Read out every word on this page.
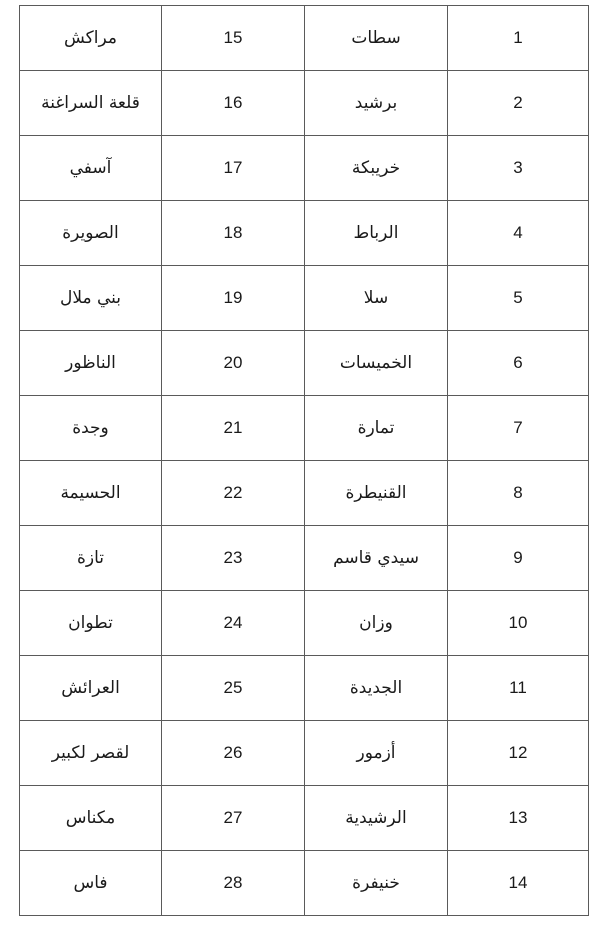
مراكش	15	سطات	1
قلعة السراغنة	16	برشيد	2
آسفي	17	خريبكة	3
الصويرة	18	الرباط	4
بني ملال	19	سلا	5
الناظور	20	الخميسات	6
وجدة	21	تمارة	7
الحسيمة	22	القنيطرة	8
تازة	23	سيدي قاسم	9
تطوان	24	وزان	10
العرائش	25	الجديدة	11
لقصر لكبير	26	أزمور	12
مكناس	27	الرشيدية	13
فاس	28	خنيفرة	14
